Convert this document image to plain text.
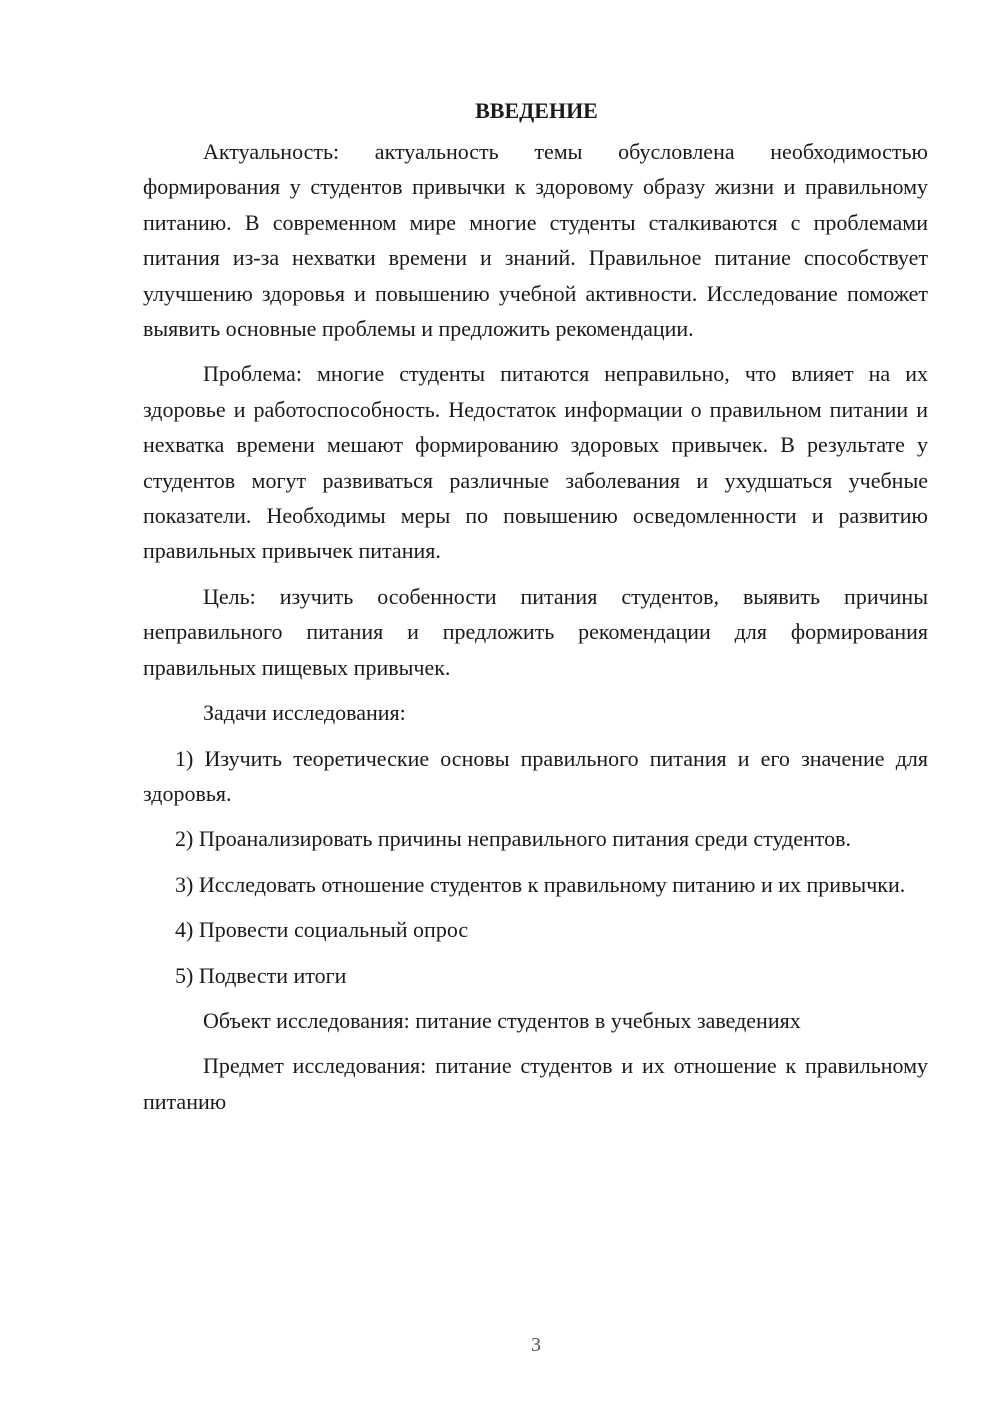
ВВЕДЕНИЕ

Актуальность: актуальность темы обусловлена необходимостью формирования у студентов привычки к здоровому образу жизни и правильному питанию. В современном мире многие студенты сталкиваются с проблемами питания из-за нехватки времени и знаний. Правильное питание способствует улучшению здоровья и повышению учебной активности. Исследование поможет выявить основные проблемы и предложить рекомендации.

Проблема: многие студенты питаются неправильно, что влияет на их здоровье и работоспособность. Недостаток информации о правильном питании и нехватка времени мешают формированию здоровых привычек. В результате у студентов могут развиваться различные заболевания и ухудшаться учебные показатели. Необходимы меры по повышению осведомленности и развитию правильных привычек питания.

Цель: изучить особенности питания студентов, выявить причины неправильного питания и предложить рекомендации для формирования правильных пищевых привычек.

Задачи исследования:

1) Изучить теоретические основы правильного питания и его значение для здоровья.

2) Проанализировать причины неправильного питания среди студентов.

3) Исследовать отношение студентов к правильному питанию и их привычки.

4) Провести социальный опрос

5) Подвести итоги

Объект исследования: питание студентов в учебных заведениях

Предмет исследования: питание студентов и их отношение к правильному питанию

3
